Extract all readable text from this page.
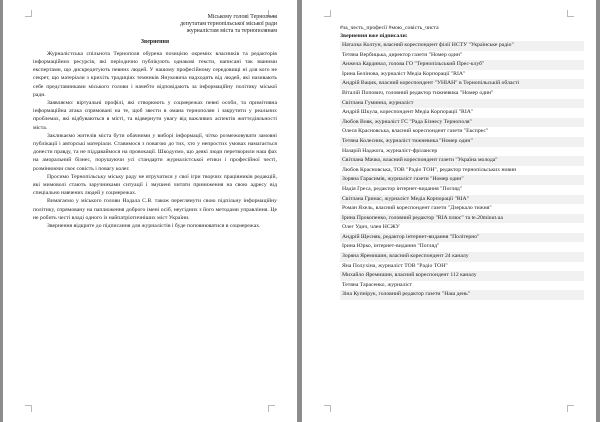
Міському голові Тернополя
депутатам тернопільської міської ради
журналістам міста та тернополянам
Звернення

Журналістська спільнота Тернополя обурена позицією окремих власників та редакторів інформаційних ресурсів, які періодично публікують однакові тексти, написані так званими експертами, що дискредитують певних людей. У нашому професійному середовищі ні для кого не секрет, що матеріали з крихіть традиціях темників Януковича надходять від людей, які називають себе представниками міського голови і начебто відповідають за інформаційну політику міської ради.

Заявляємо: віртуальні профілі, які створюють у соцмережах певні особи, та примітивна інформаційна атака спрямовані на те, щоб звести в омана тернополян і закрутити у реальних проблемах, які відбуваються в місті, та відвернути увагу від важливих аспектів життєдіяльності міста.

Закликаємо жителів міста бути обачними у виборі інформації, чітко розмежовувати замовні публікації і авторські матеріали. Ставимося з повагою до тих, хто у непростих умовах намагається донести правду, та не піддаваймося на провокації. Шкодуємо, що деякі люди перетворили наш фах на аморальний бізнес, порушуючи усі стандарти журналістської етики і професійної честі, розмінюючи своє совість і повагу колег.

Просимо Тернопільську міську раду не втручатися у свої ігри творчих працівників редакцій, які мимоволі стають заручниками ситуації і змушені читати приниження на свою адресу від спеціально навчених людей у соцмережах.

Вимагаємо у міського голови Надала С.В. також переглянути свою підпільну інформаційну політику, спрямовану на паплюження доброго імені осіб, неугідних з його методами управління. Це не робить честі владі одного із найпатріотичніших міст України.

Звернення відкрите до підписання для журналістів і буде поповнюватися в соцмережах.

#за_честь_професії #мою_совість_чиста
Звернення вже підписали:
Наталка Колтун, власний кореспондент філії НСТУ "Українське радіо"
Тетяна Вербицька, директор газети "Номер один"
Анжела Кардинал, голова ГО "Тернопільський Прес-клуб"
Ірина Белінова, журналіст Медіа Корпорації "RIA"
Андрій Вацик, власний кореспондент "УНІАН" в Тернопільській області
Віталій Попович, головний редактор тижневика "Номер один"
Світлана Гуминна, журналіст
Андрій Шкула, кореспондент Медіа Корпорації "RIA"
Любов Вовк, журналіст ГС "Рада Бізнесу Тернополя"
Олеся Красновська, власний кореспондент газети "Експрес"
Тетяна Колесник, журналіст тижневика "Номер один"
Назарій Наджога, журналіст-фрілансер
Світлана Мачко, власний кореспондент газети "Україна молода"
Любов Красновська, ТОВ "Радіо ТОН", редактор тернопільських новин
Зоряна Гарасимів, журналіст газети "Номер один"
Надія Греса, редактор інтернет-видання "Погляд"
Світлана Гринас, журналіст Медіа Корпорації "RIA"
Роман Яхель, власний кореспондент газети "Дзеркало тижня"
Ірина Прокопенко, головний редактор "RIA плюс" та te.20minut.ua
Олег Удич, член НСЖУ
Андрій Щесняк, редактор інтернет-видання "Політерно"
Ірина Юрко, інтернет-видання "Погляд"
Зоряна Яремишин, власний кореспондент 24 каналу
Яна Полухіна, журналіст ТОВ "Радіо ТОН"
Михайло Яремишин, власний кореспондент 112 каналу
Тетяна Тарасенко, журналіст
Зіна Купнірук, головний редактор газети "Наш день"
